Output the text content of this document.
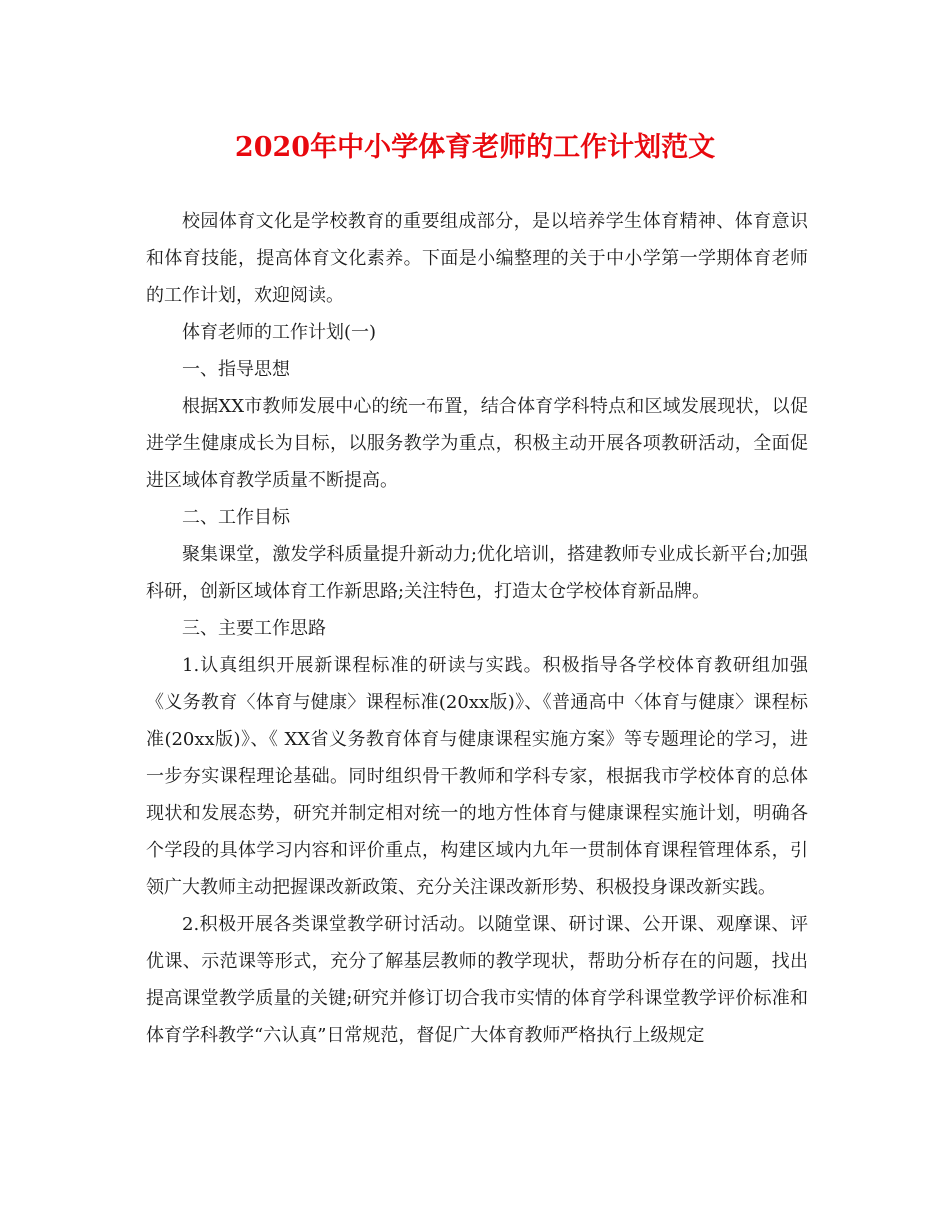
2020年中小学体育老师的工作计划范文

校园体育文化是学校教育的重要组成部分，是以培养学生体育精神、体育意识和体育技能，提高体育文化素养。下面是小编整理的关于中小学第一学期体育老师的工作计划，欢迎阅读。

体育老师的工作计划(一)

一、指导思想

根据XX市教师发展中心的统一布置，结合体育学科特点和区域发展现状，以促进学生健康成长为目标，以服务教学为重点，积极主动开展各项教研活动，全面促进区域体育教学质量不断提高。

二、工作目标

聚集课堂，激发学科质量提升新动力;优化培训，搭建教师专业成长新平台;加强科研，创新区域体育工作新思路;关注特色，打造太仓学校体育新品牌。

三、主要工作思路

1.认真组织开展新课程标准的研读与实践。积极指导各学校体育教研组加强《义务教育〈体育与健康〉课程标准(20xx版)》、《普通高中〈体育与健康〉课程标准(20xx版)》、《 XX省义务教育体育与健康课程实施方案》等专题理论的学习，进一步夯实课程理论基础。同时组织骨干教师和学科专家，根据我市学校体育的总体现状和发展态势，研究并制定相对统一的地方性体育与健康课程实施计划，明确各个学段的具体学习内容和评价重点，构建区域内九年一贯制体育课程管理体系，引领广大教师主动把握课改新政策、充分关注课改新形势、积极投身课改新实践。

2.积极开展各类课堂教学研讨活动。以随堂课、研讨课、公开课、观摩课、评优课、示范课等形式，充分了解基层教师的教学现状，帮助分析存在的问题，找出提高课堂教学质量的关键;研究并修订切合我市实情的体育学科课堂教学评价标准和体育学科教学“六认真”日常规范，督促广大体育教师严格执行上级规定
